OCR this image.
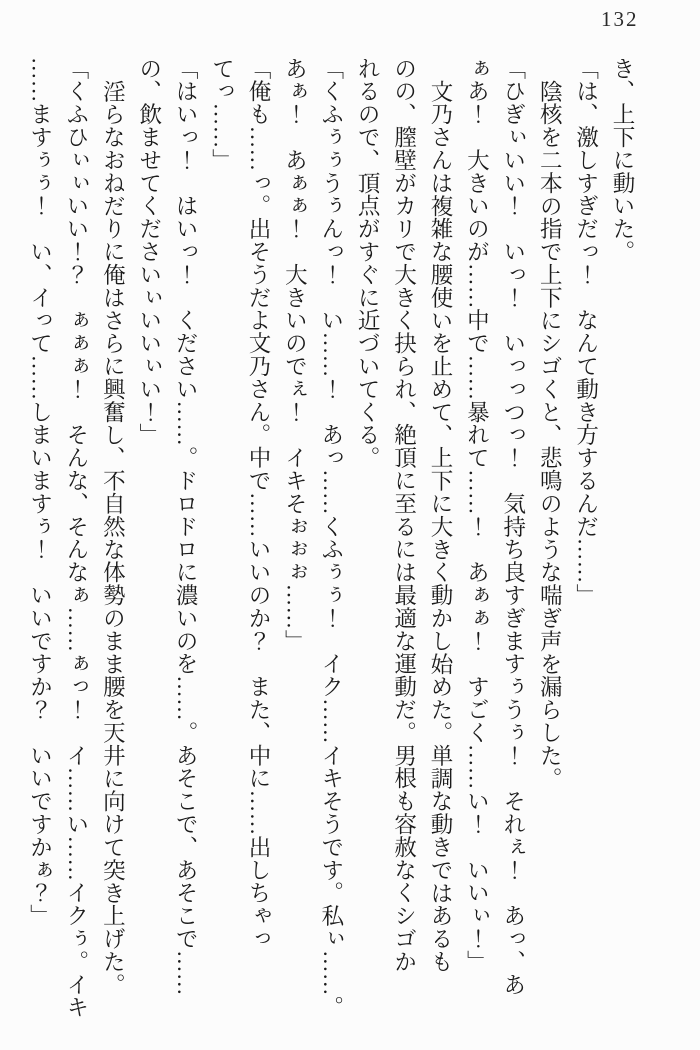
132

き、上下に動いた。

「は、激しすぎだっ！　なんて動き方するんだ……」

陰核を二本の指で上下にシゴくと、悲鳴のような喘ぎ声を漏らした。

「ひぎぃいい！　いっ！　いっっつっ！　気持ち良すぎますぅうぅ！　それぇ！　あっ、あ

ぁあ！　大きいのが……中で……暴れて……！　あぁぁ！　すごく……い！　いいぃ！」

文乃さんは複雑な腰使いを止めて、上下に大きく動かし始めた。単調な動きではあるも

のの、膣壁がカリで大きく抉られ、絶頂に至るには最適な運動だ。男根も容赦なくシゴか

れるので、頂点がすぐに近づいてくる。

「くふぅぅうぅんっ！　い……！　あっ……くふぅぅ！　イク……イキそうです。私ぃ……。

あぁ！　あぁぁ！　大きいのでぇ！　イキそぉぉぉ……」

「俺も……っ。出そうだよ文乃さん。中で……いいのか？　また、中に……出しちゃっ

てっ……」

「はいっ！　はいっ！　ください……。ドロドロに濃いのを……。あそこで、あそこで……

の、飲ませてくださいぃいいぃい！」

淫らなおねだりに俺はさらに興奮し、不自然な体勢のまま腰を天井に向けて突き上げた。

「くふひぃぃいい！？　ぁぁぁ！　そんな、そんなぁ……ぁっ！　イ……い……イクぅ。イキ

……ますぅぅ！　い、イって……しまいますぅ！　いいですか？　いいですかぁ？」
